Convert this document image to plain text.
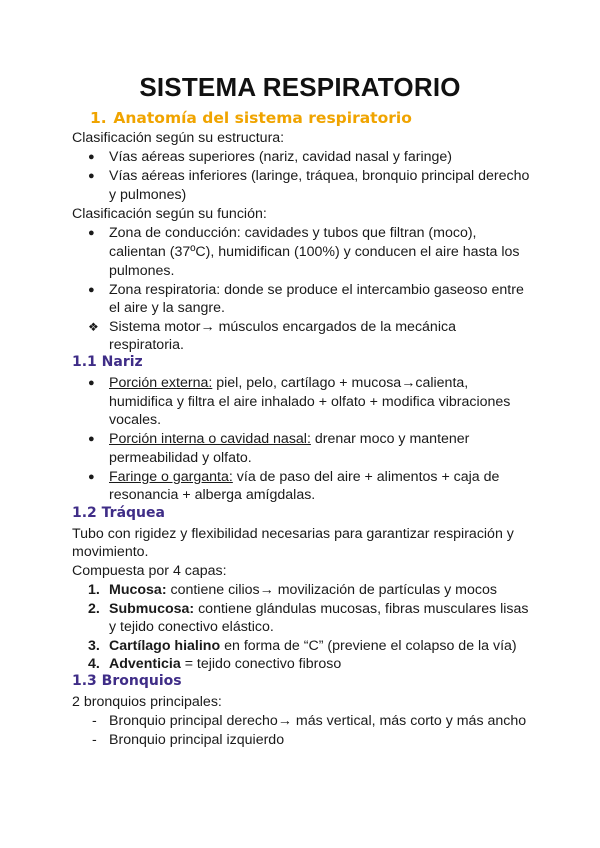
SISTEMA RESPIRATORIO
1. Anatomía del sistema respiratorio
Clasificación según su estructura:
●	Vías aéreas superiores (nariz, cavidad nasal y faringe)
●	Vías aéreas inferiores (laringe, tráquea, bronquio principal derecho
y pulmones)
Clasificación según su función:
●	Zona de conducción: cavidades y tubos que filtran (moco),
calientan (37ºC), humidifican (100%) y conducen el aire hasta los
pulmones.
●	Zona respiratoria: donde se produce el intercambio gaseoso entre
el aire y la sangre.
❖ Sistema motor→ músculos encargados de la mecánica
respiratoria.
1.1 Nariz
●	Porción externa: piel, pelo, cartílago + mucosa→calienta,
humidifica y filtra el aire inhalado + olfato + modifica vibraciones
vocales.
●	Porción interna o cavidad nasal: drenar moco y mantener
permeabilidad y olfato.
●	Faringe o garganta: vía de paso del aire + alimentos + caja de
resonancia + alberga amígdalas.
1.2 Tráquea
Tubo con rigidez y flexibilidad necesarias para garantizar respiración y
movimiento.
Compuesta por 4 capas:
1. Mucosa: contiene cilios→ movilización de partículas y mocos
2. Submucosa: contiene glándulas mucosas, fibras musculares lisas
y tejido conectivo elástico.
3. Cartílago hialino en forma de “C” (previene el colapso de la vía)
4. Adventicia = tejido conectivo fibroso
1.3 Bronquios
2 bronquios principales:
- Bronquio principal derecho→ más vertical, más corto y más ancho
- Bronquio principal izquierdo
